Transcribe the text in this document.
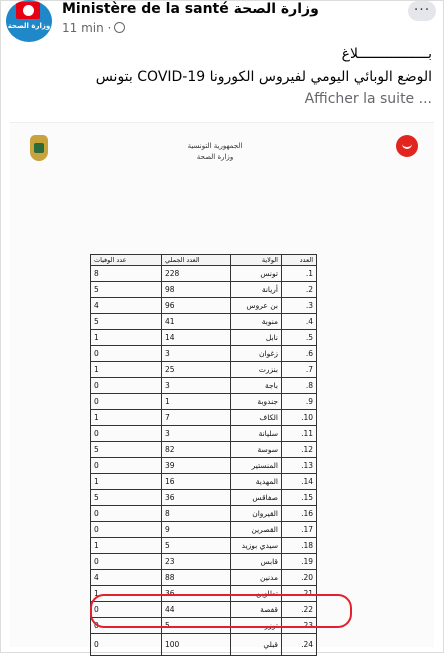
وزارة الصحة
Ministère de la santé وزارة الصحة
11 min ·
···
بـــــــــــــــــلاغ
الوضع الوبائي اليومي لفيروس الكورونا COVID-19 بتونس
... Afficher la suite
الجمهورية التونسية
وزارة الصحة
العدد	الولاية	العدد الجملي	عدد الوفيات
1.	تونس	228	8
2.	أريانة	98	5
3.	بن عروس	96	4
4.	منوبة	41	5
5.	نابل	14	1
6.	زغوان	3	0
7.	بنزرت	25	1
8.	باجة	3	0
9.	جندوبة	1	0
10.	الكاف	7	1
11.	سليانة	3	0
12.	سوسة	82	5
13.	المنستير	39	0
14.	المهدية	16	1
15.	صفاقس	36	5
16.	القيروان	8	0
17.	القصرين	9	0
18.	سيدي بوزيد	5	1
19.	قابس	23	0
20.	مدنين	88	4
21.	تطاوين	36	1
22.	قفصة	44	0
23.	توزر	5	0
24.	قبلي	100	0
